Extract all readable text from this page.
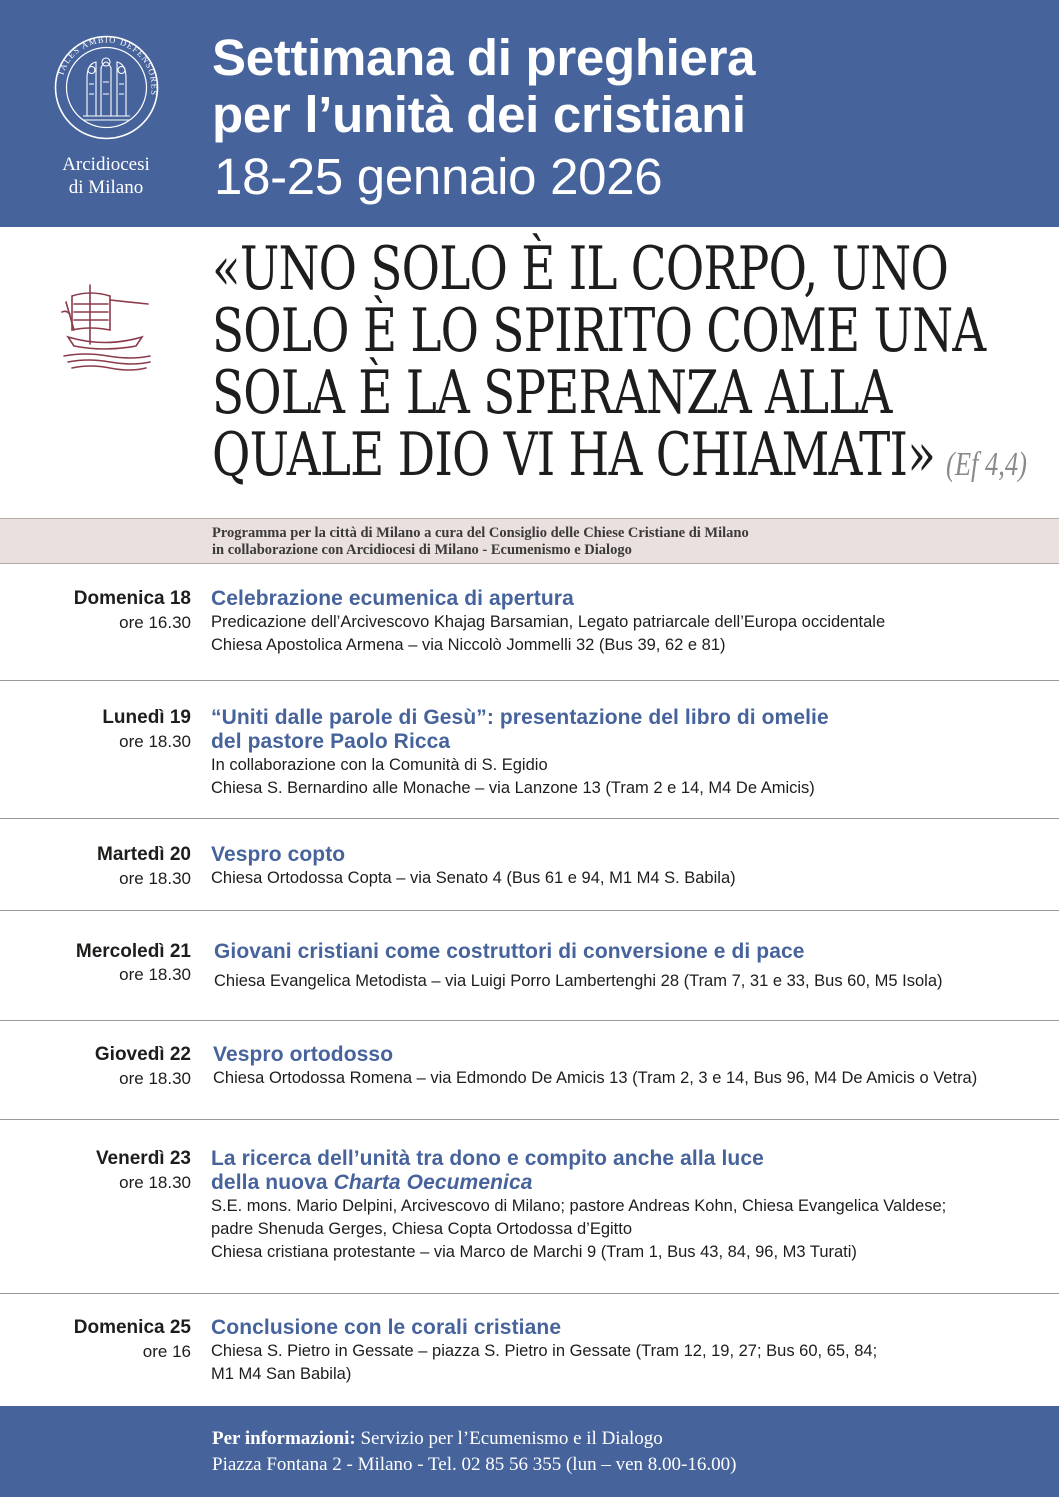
TALES AMBIO DEFENSORES
Arcidiocesi
di Milano
Settimana di preghiera
per l’unità dei cristiani
18-25 gennaio 2026
«UNO SOLO È IL CORPO, UNO
SOLO È LO SPIRITO COME UNA
SOLA È LA SPERANZA ALLA
QUALE DIO VI HA CHIAMATI» (Ef 4,4)
Programma per la città di Milano a cura del Consiglio delle Chiese Cristiane di Milano
in collaborazione con Arcidiocesi di Milano - Ecumenismo e Dialogo
Domenica 18
ore 16.30
Celebrazione ecumenica di apertura
Predicazione dell’Arcivescovo Khajag Barsamian, Legato patriarcale dell’Europa occidentale
Chiesa Apostolica Armena – via Niccolò Jommelli 32 (Bus 39, 62 e 81)
Lunedì 19
ore 18.30
“Uniti dalle parole di Gesù”: presentazione del libro di omelie
del pastore Paolo Ricca
In collaborazione con la Comunità di S. Egidio
Chiesa S. Bernardino alle Monache – via Lanzone 13 (Tram 2 e 14, M4 De Amicis)
Martedì 20
ore 18.30
Vespro copto
Chiesa Ortodossa Copta – via Senato 4 (Bus 61 e 94, M1 M4 S. Babila)
Mercoledì 21
ore 18.30
Giovani cristiani come costruttori di conversione e di pace
Chiesa Evangelica Metodista – via Luigi Porro Lambertenghi 28 (Tram 7, 31 e 33, Bus 60, M5 Isola)
Giovedì 22
ore 18.30
Vespro ortodosso
Chiesa Ortodossa Romena – via Edmondo De Amicis 13 (Tram 2, 3 e 14, Bus 96, M4 De Amicis o Vetra)
Venerdì 23
ore 18.30
La ricerca dell’unità tra dono e compito anche alla luce
della nuova Charta Oecumenica
S.E. mons. Mario Delpini, Arcivescovo di Milano; pastore Andreas Kohn, Chiesa Evangelica Valdese;
padre Shenuda Gerges, Chiesa Copta Ortodossa d’Egitto
Chiesa cristiana protestante – via Marco de Marchi 9 (Tram 1, Bus 43, 84, 96, M3 Turati)
Domenica 25
ore 16
Conclusione con le corali cristiane
Chiesa S. Pietro in Gessate – piazza S. Pietro in Gessate (Tram 12, 19, 27; Bus 60, 65, 84;
M1 M4 San Babila)
Per informazioni: Servizio per l’Ecumenismo e il Dialogo
Piazza Fontana 2 - Milano - Tel. 02 85 56 355 (lun – ven 8.00-16.00)
